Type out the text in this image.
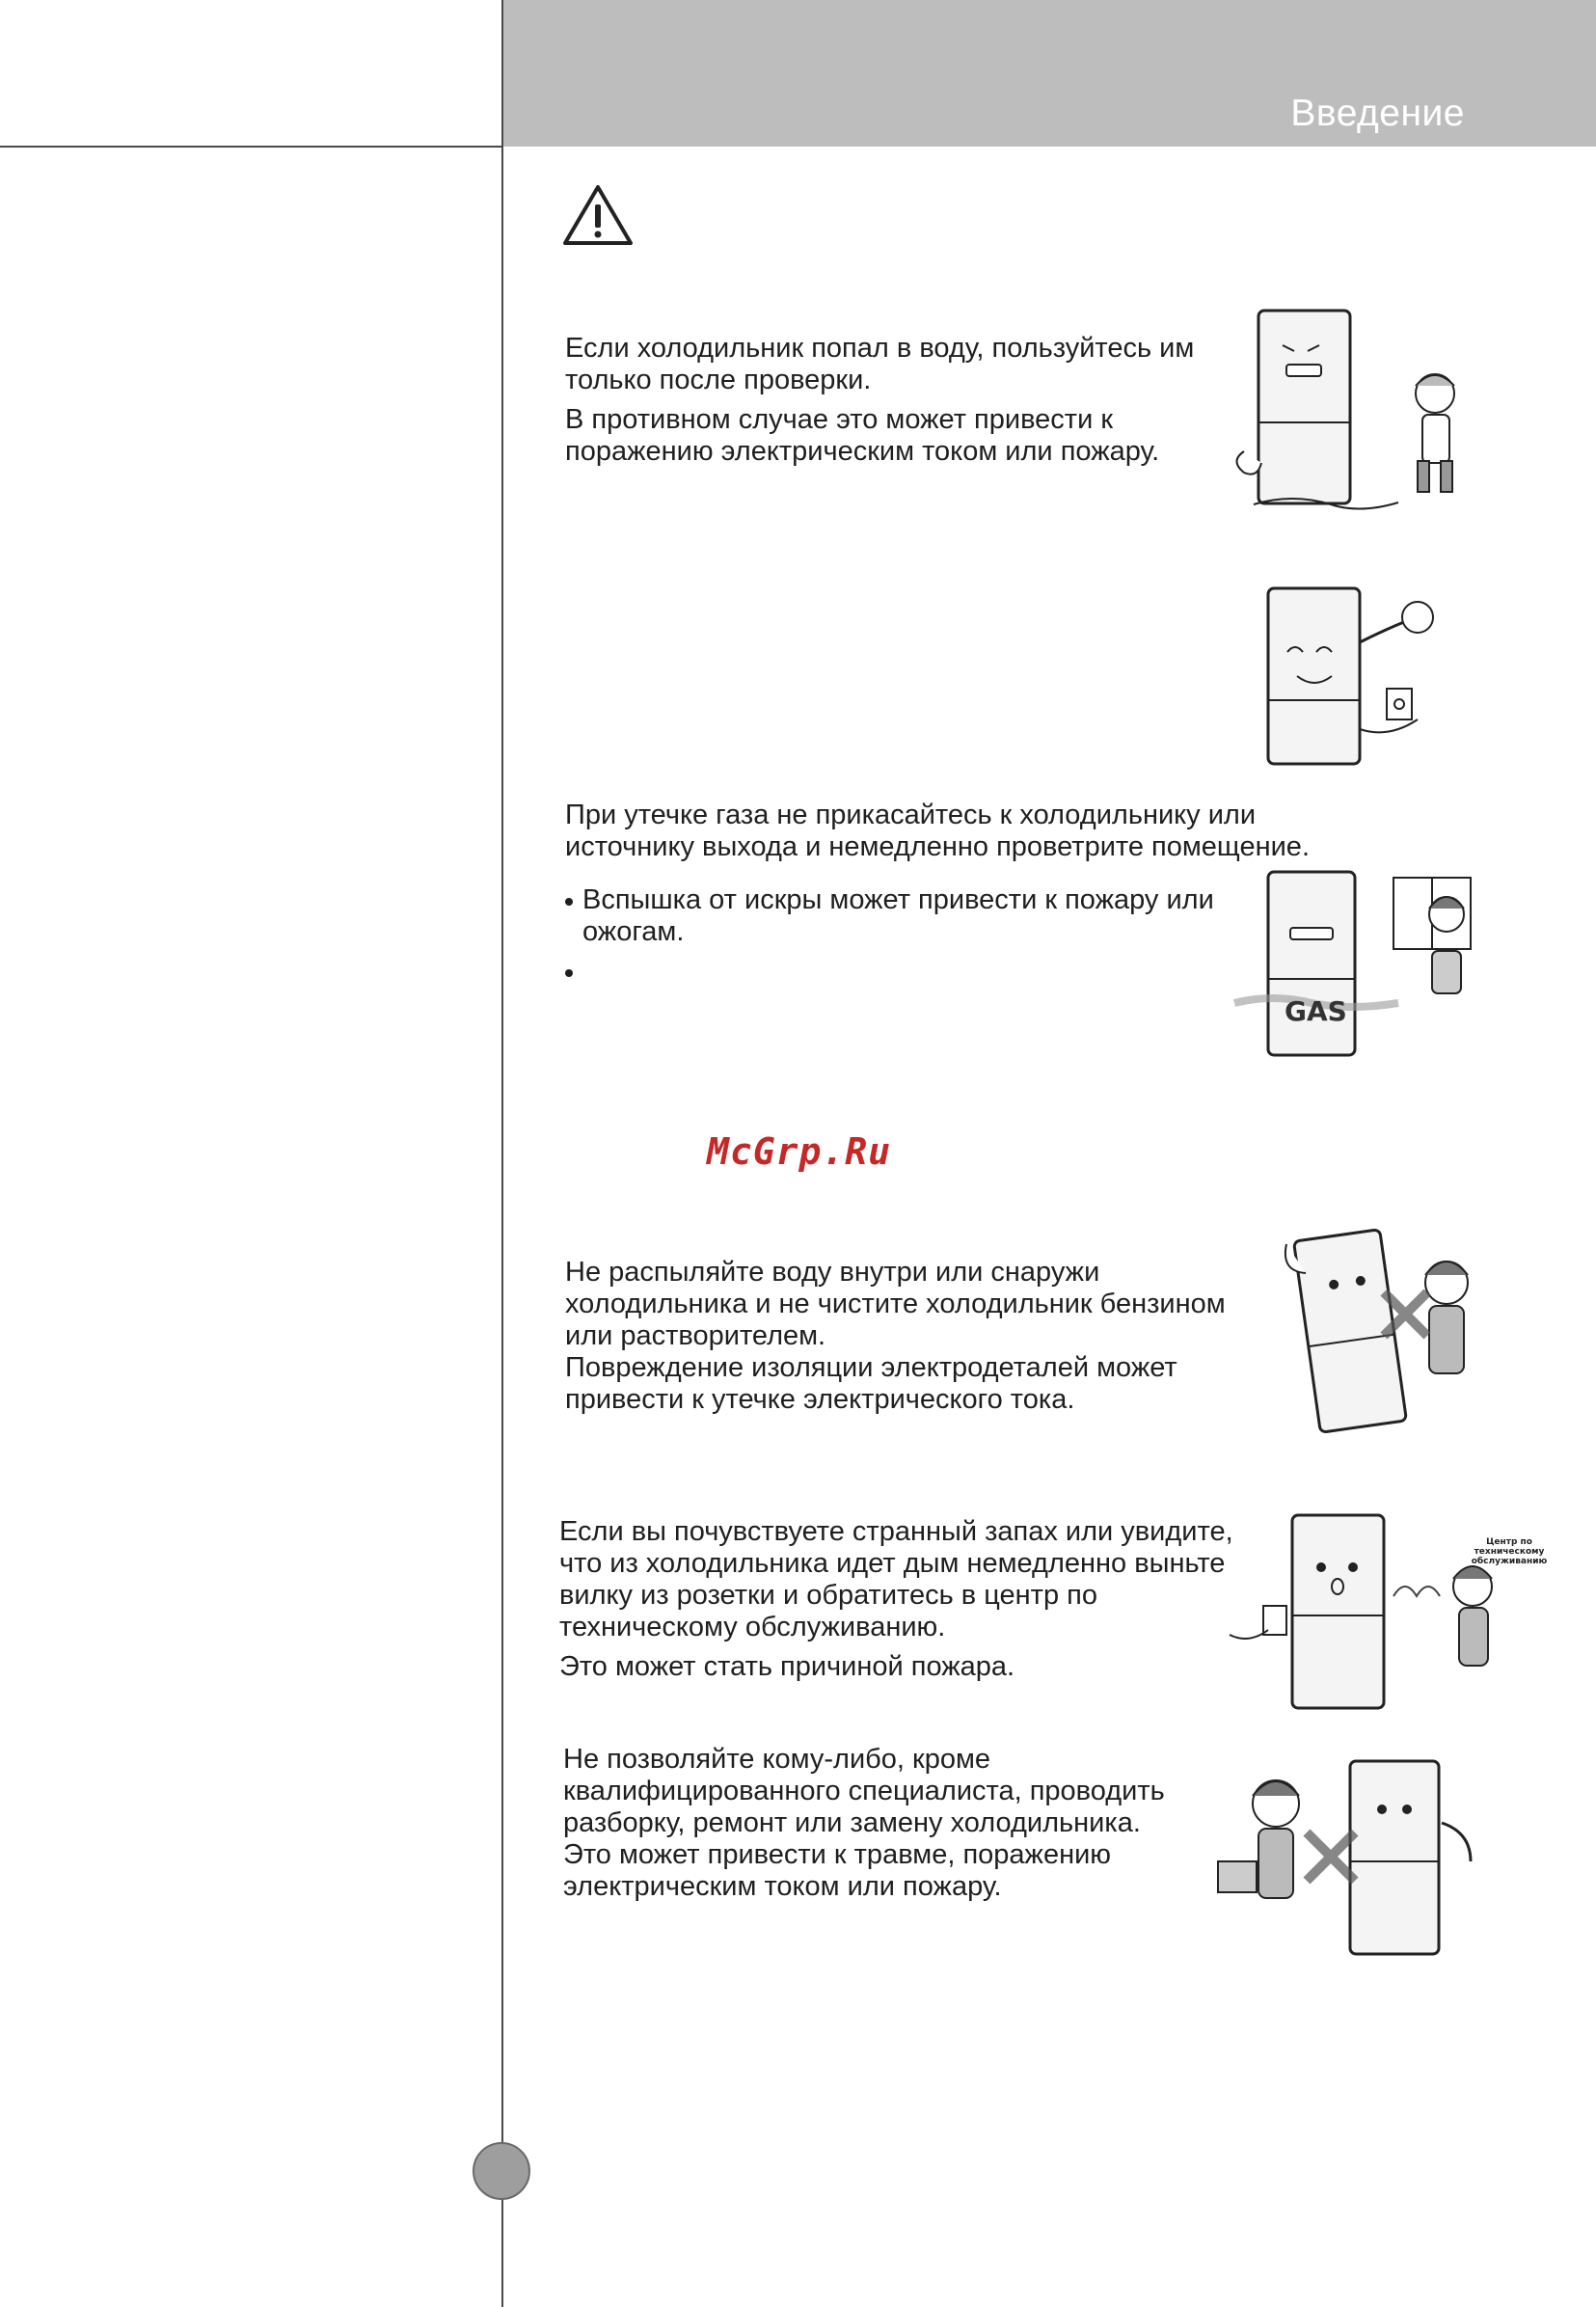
Введение

Если холодильник попал в воду, пользуйтесь им
только после проверки.

В противном случае это может привести к
поражению электрическим током или пожару.

При утечке газа не прикасайтесь к холодильнику или
источнику выхода и немедленно проветрите помещение.

Вспышка от искры может привести к пожару или
ожогам.
GAS
McGrp.Ru

Не распыляйте воду внутри или снаружи
холодильника и не чистите холодильник бензином
или растворителем.

Повреждение изоляции электродеталей может
привести к утечке электрического тока.

Если вы почувствуете странный запах или увидите,
что из холодильника идет дым немедленно выньте
вилку из розетки и обратитесь в центр по
техническому обслуживанию.

Это может стать причиной пожара.

Центр по
техническому
обслуживанию

Не позволяйте кому-либо, кроме
квалифицированного специалиста, проводить
разборку, ремонт или замену холодильника.

Это может привести к травме, поражению
электрическим током или пожару.
